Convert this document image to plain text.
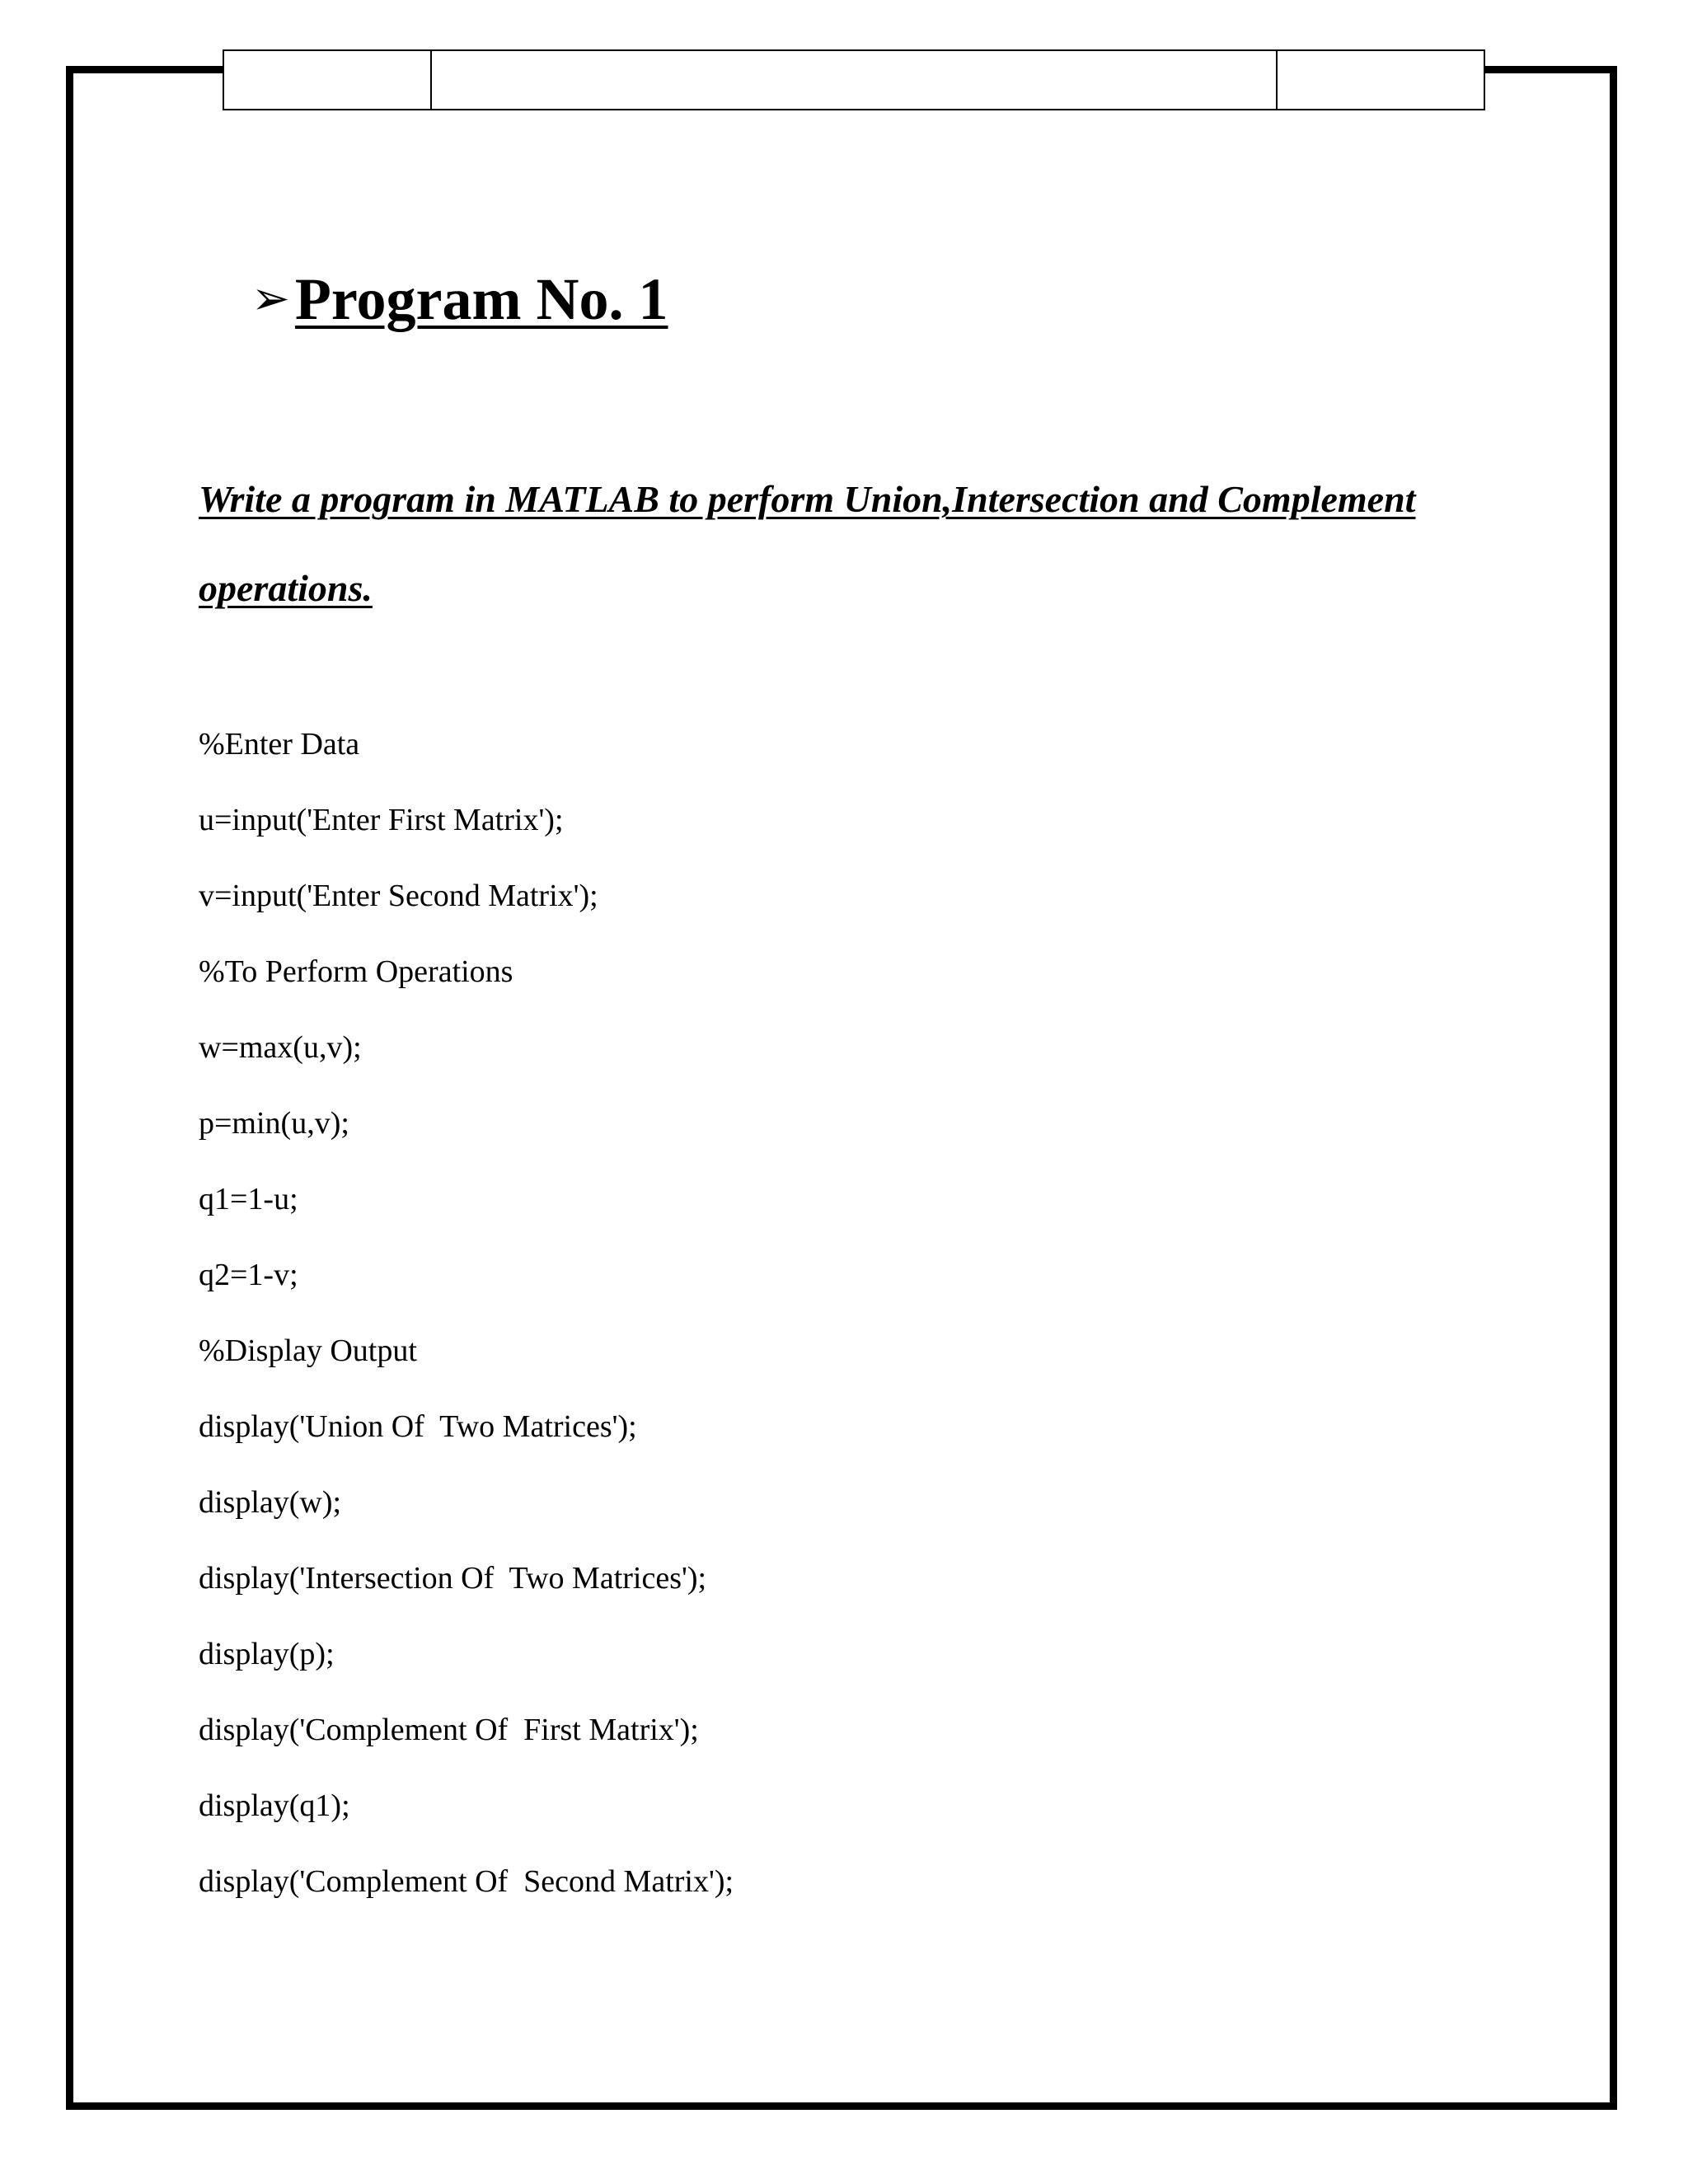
➢Program No. 1
Write a program in MATLAB to perform Union,Intersection and Complement
operations.
%Enter Data
u=input('Enter First Matrix');
v=input('Enter Second Matrix');
%To Perform Operations
w=max(u,v);
p=min(u,v);
q1=1-u;
q2=1-v;
%Display Output
display('Union Of  Two Matrices');
display(w);
display('Intersection Of  Two Matrices');
display(p);
display('Complement Of  First Matrix');
display(q1);
display('Complement Of  Second Matrix');
